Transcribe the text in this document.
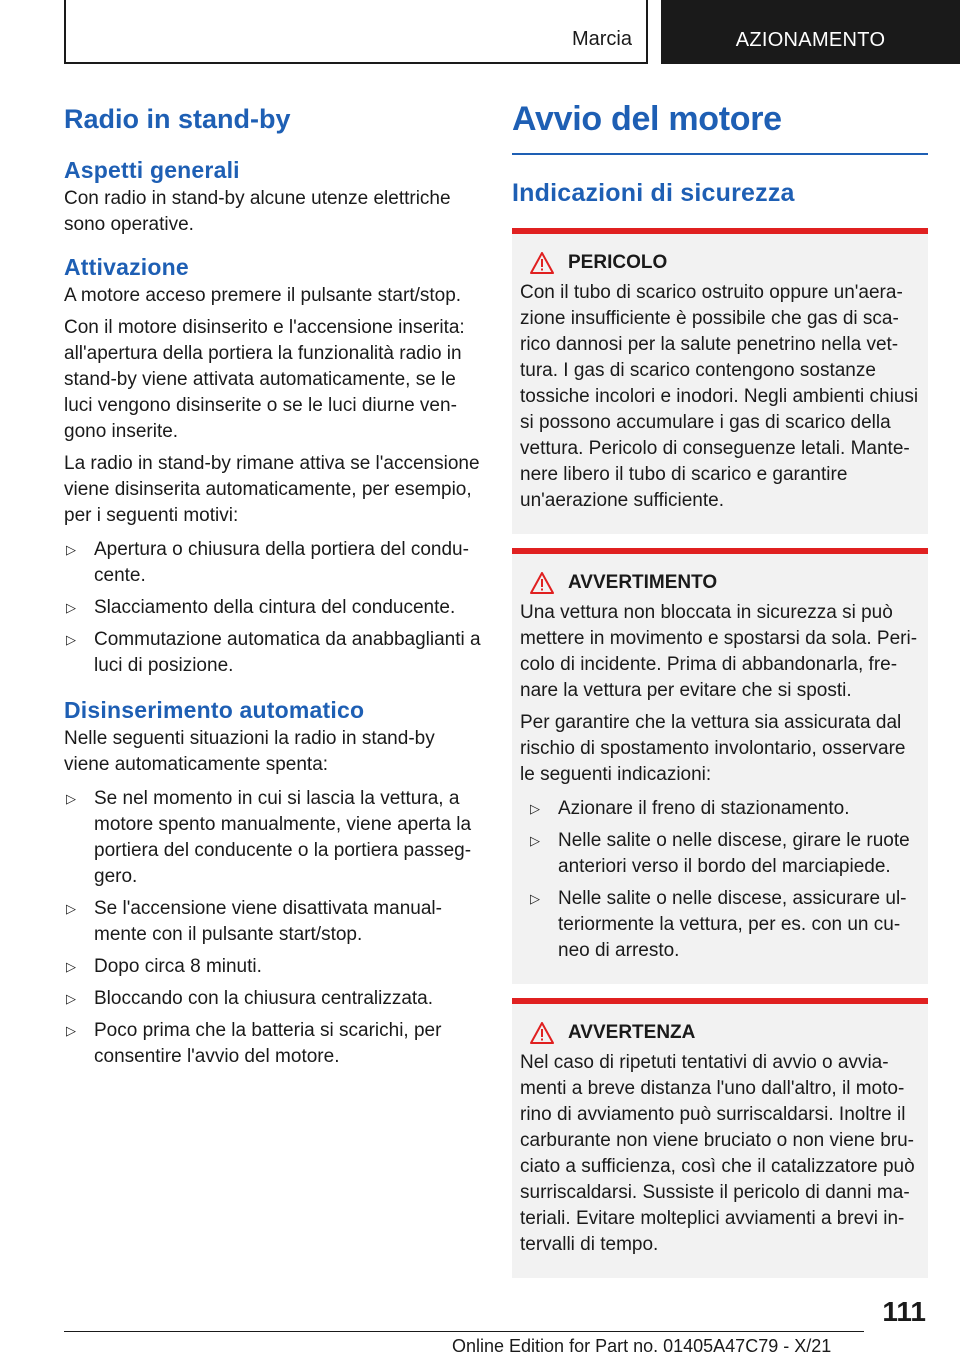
Marcia	AZIONAMENTO
Radio in stand-by
Aspetti generali

Con radio in stand-by alcune utenze elettriche sono operative.

Attivazione

A motore acceso premere il pulsante start/stop.

Con il motore disinserito e l'accensione inserita: all'apertura della portiera la funzionalità radio in stand-by viene attivata automaticamente, se le luci vengono disinserite o se le luci diurne vengono inserite.

La radio in stand-by rimane attiva se l'accensione viene disinserita automaticamente, per esempio, per i seguenti motivi:

▷ Apertura o chiusura della portiera del conducente.
▷ Slacciamento della cintura del conducente.
▷ Commutazione automatica da anabbaglianti a luci di posizione.
Disinserimento automatico

Nelle seguenti situazioni la radio in stand-by viene automaticamente spenta:

▷ Se nel momento in cui si lascia la vettura, a motore spento manualmente, viene aperta la portiera del conducente o la portiera passeggero.
▷ Se l'accensione viene disattivata manualmente con il pulsante start/stop.
▷ Dopo circa 8 minuti.
▷ Bloccando con la chiusura centralizzata.
▷ Poco prima che la batteria si scarichi, per consentire l'avvio del motore.
Avvio del motore
Indicazioni di sicurezza
PERICOLO

Con il tubo di scarico ostruito oppure un'aerazione insufficiente è possibile che gas di scarico dannosi per la salute penetrino nella vettura. I gas di scarico contengono sostanze tossiche incolori e inodori. Negli ambienti chiusi si possono accumulare i gas di scarico della vettura. Pericolo di conseguenze letali. Mantenere libero il tubo di scarico e garantire un'aerazione sufficiente.

AVVERTIMENTO

Una vettura non bloccata in sicurezza si può mettere in movimento e spostarsi da sola. Pericolo di incidente. Prima di abbandonarla, frenare la vettura per evitare che si sposti.

Per garantire che la vettura sia assicurata dal rischio di spostamento involontario, osservare le seguenti indicazioni:

▷ Azionare il freno di stazionamento.
▷ Nelle salite o nelle discese, girare le ruote anteriori verso il bordo del marciapiede.
▷ Nelle salite o nelle discese, assicurare ulteriormente la vettura, per es. con un cuneo di arresto.
AVVERTENZA

Nel caso di ripetuti tentativi di avvio o avviamenti a breve distanza l'uno dall'altro, il motorino di avviamento può surriscaldarsi. Inoltre il carburante non viene bruciato o non viene bruciato a sufficienza, così che il catalizzatore può surriscaldarsi. Sussiste il pericolo di danni materiali. Evitare molteplici avviamenti a brevi intervalli di tempo.

111
Online Edition for Part no. 01405A47C79 - X/21
